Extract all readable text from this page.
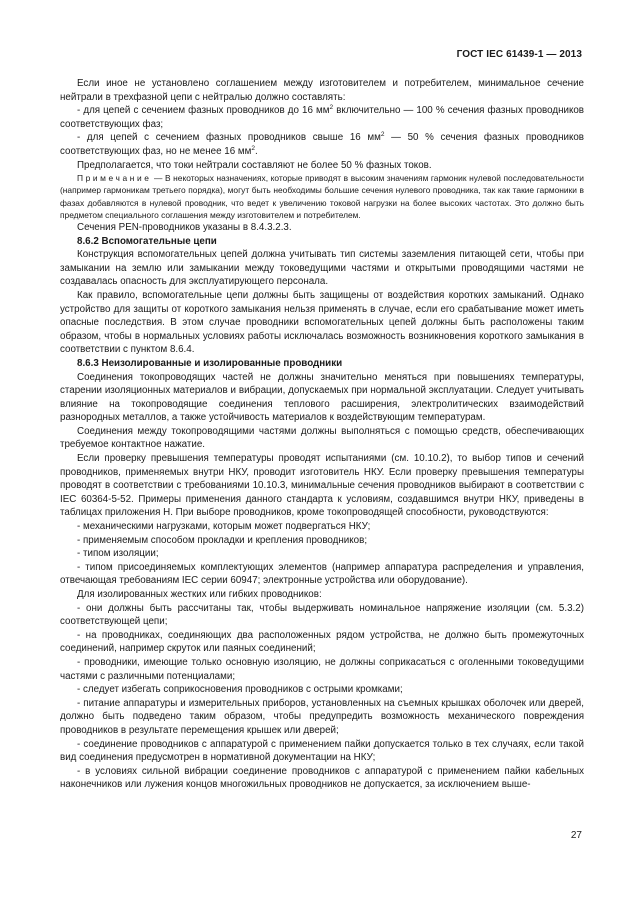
ГОСТ IEC 61439-1 — 2013

Если иное не установлено соглашением между изготовителем и потребителем, минимальное сечение нейтрали в трехфазной цепи с нейтралью должно составлять:

- для цепей с сечением фазных проводников до 16 $мм^2$ включительно — 100 % сечения фазных проводников соответствующих фаз;

- для цепей с сечением фазных проводников свыше 16 $мм^2$ — 50 % сечения фазных проводников соответствующих фаз, но не менее 16 $мм^2$.

Предполагается, что токи нейтрали составляют не более 50 % фазных токов.

Примечание — В некоторых назначениях, которые приводят в высоким значениям гармоник нулевой последовательности (например гармоникам третьего порядка), могут быть необходимы большие сечения нулевого проводника, так как такие гармоники в фазах добавляются в нулевой проводник, что ведет к увеличению токовой нагрузки на более высоких частотах. Это должно быть предметом специального соглашения между изготовителем и потребителем.

Сечения PEN-проводников указаны в 8.4.3.2.3.

8.6.2 Вспомогательные цепи

Конструкция вспомогательных цепей должна учитывать тип системы заземления питающей сети, чтобы при замыкании на землю или замыкании между токоведущими частями и открытыми проводящими частями не создавалась опасность для эксплуатирующего персонала.

Как правило, вспомогательные цепи должны быть защищены от воздействия коротких замыканий. Однако устройство для защиты от короткого замыкания нельзя применять в случае, если его срабатывание может иметь опасные последствия. В этом случае проводники вспомогательных цепей должны быть расположены таким образом, чтобы в нормальных условиях работы исключалась возможность возникновения короткого замыкания в соответствии с пунктом 8.6.4.

8.6.3 Неизолированные и изолированные проводники

Соединения токопроводящих частей не должны значительно меняться при повышениях температуры, старении изоляционных материалов и вибрации, допускаемых при нормальной эксплуатации. Следует учитывать влияние на токопроводящие соединения теплового расширения, электролитических взаимодействий разнородных металлов, а также устойчивость материалов к воздействующим температурам.

Соединения между токопроводящими частями должны выполняться с помощью средств, обеспечивающих требуемое контактное нажатие.

Если проверку превышения температуры проводят испытаниями (см. 10.10.2), то выбор типов и сечений проводников, применяемых внутри НКУ, проводит изготовитель НКУ. Если проверку превышения температуры проводят в соответствии с требованиями 10.10.3, минимальные сечения проводников выбирают в соответствии с IEC 60364-5-52. Примеры применения данного стандарта к условиям, создавшимся внутри НКУ, приведены в таблицах приложения Н. При выборе проводников, кроме токопроводящей способности, руководствуются:

- механическими нагрузками, которым может подвергаться НКУ;

- применяемым способом прокладки и крепления проводников;

- типом изоляции;

- типом присоединяемых комплектующих элементов (например аппаратура распределения и управления, отвечающая требованиям IEC серии 60947; электронные устройства или оборудование).

Для изолированных жестких или гибких проводников:

- они должны быть рассчитаны так, чтобы выдерживать номинальное напряжение изоляции (см. 5.3.2) соответствующей цепи;

- на проводниках, соединяющих два расположенных рядом устройства, не должно быть промежуточных соединений, например скруток или паяных соединений;

- проводники, имеющие только основную изоляцию, не должны соприкасаться с оголенными токоведущими частями с различными потенциалами;

- следует избегать соприкосновения проводников с острыми кромками;

- питание аппаратуры и измерительных приборов, установленных на съемных крышках оболочек или дверей, должно быть подведено таким образом, чтобы предупредить возможность механического повреждения проводников в результате перемещения крышек или дверей;

- соединение проводников с аппаратурой с применением пайки допускается только в тех случаях, если такой вид соединения предусмотрен в нормативной документации на НКУ;

- в условиях сильной вибрации соединение проводников с аппаратурой с применением пайки кабельных наконечников или лужения концов многожильных проводников не допускается, за исключением выше-

27
